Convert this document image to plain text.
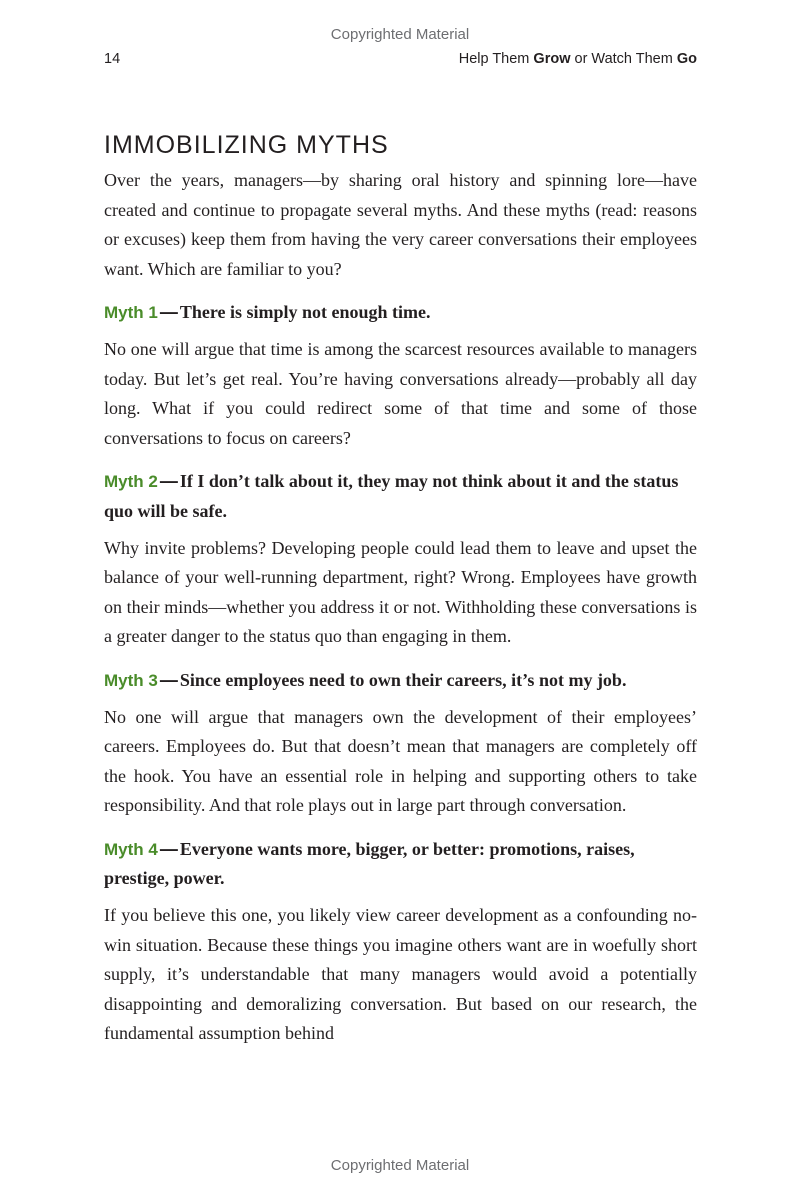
Copyrighted Material
14	Help Them Grow or Watch Them Go
IMMOBILIZING MYTHS

Over the years, managers—by sharing oral history and spinning lore—have created and continue to propagate several myths. And these myths (read: reasons or excuses) keep them from having the very career conversations their employees want. Which are familiar to you?

Myth 1 — There is simply not enough time.

No one will argue that time is among the scarcest resources available to managers today. But let’s get real. You’re having conversations already—probably all day long. What if you could redirect some of that time and some of those conversations to focus on careers?

Myth 2 — If I don’t talk about it, they may not think about it and the status quo will be safe.

Why invite problems? Developing people could lead them to leave and upset the balance of your well-running department, right? Wrong. Employees have growth on their minds—whether you address it or not. Withholding these conversations is a greater danger to the status quo than engaging in them.

Myth 3 — Since employees need to own their careers, it’s not my job.

No one will argue that managers own the development of their employees’ careers. Employees do. But that doesn’t mean that managers are completely off the hook. You have an essential role in helping and supporting others to take responsibility. And that role plays out in large part through conversation.

Myth 4 — Everyone wants more, bigger, or better: promotions, raises, prestige, power.

If you believe this one, you likely view career development as a confounding no-win situation. Because these things you imagine others want are in woefully short supply, it’s understandable that many managers would avoid a potentially disappointing and demoralizing conversation. But based on our research, the fundamental assumption behind

Copyrighted Material
